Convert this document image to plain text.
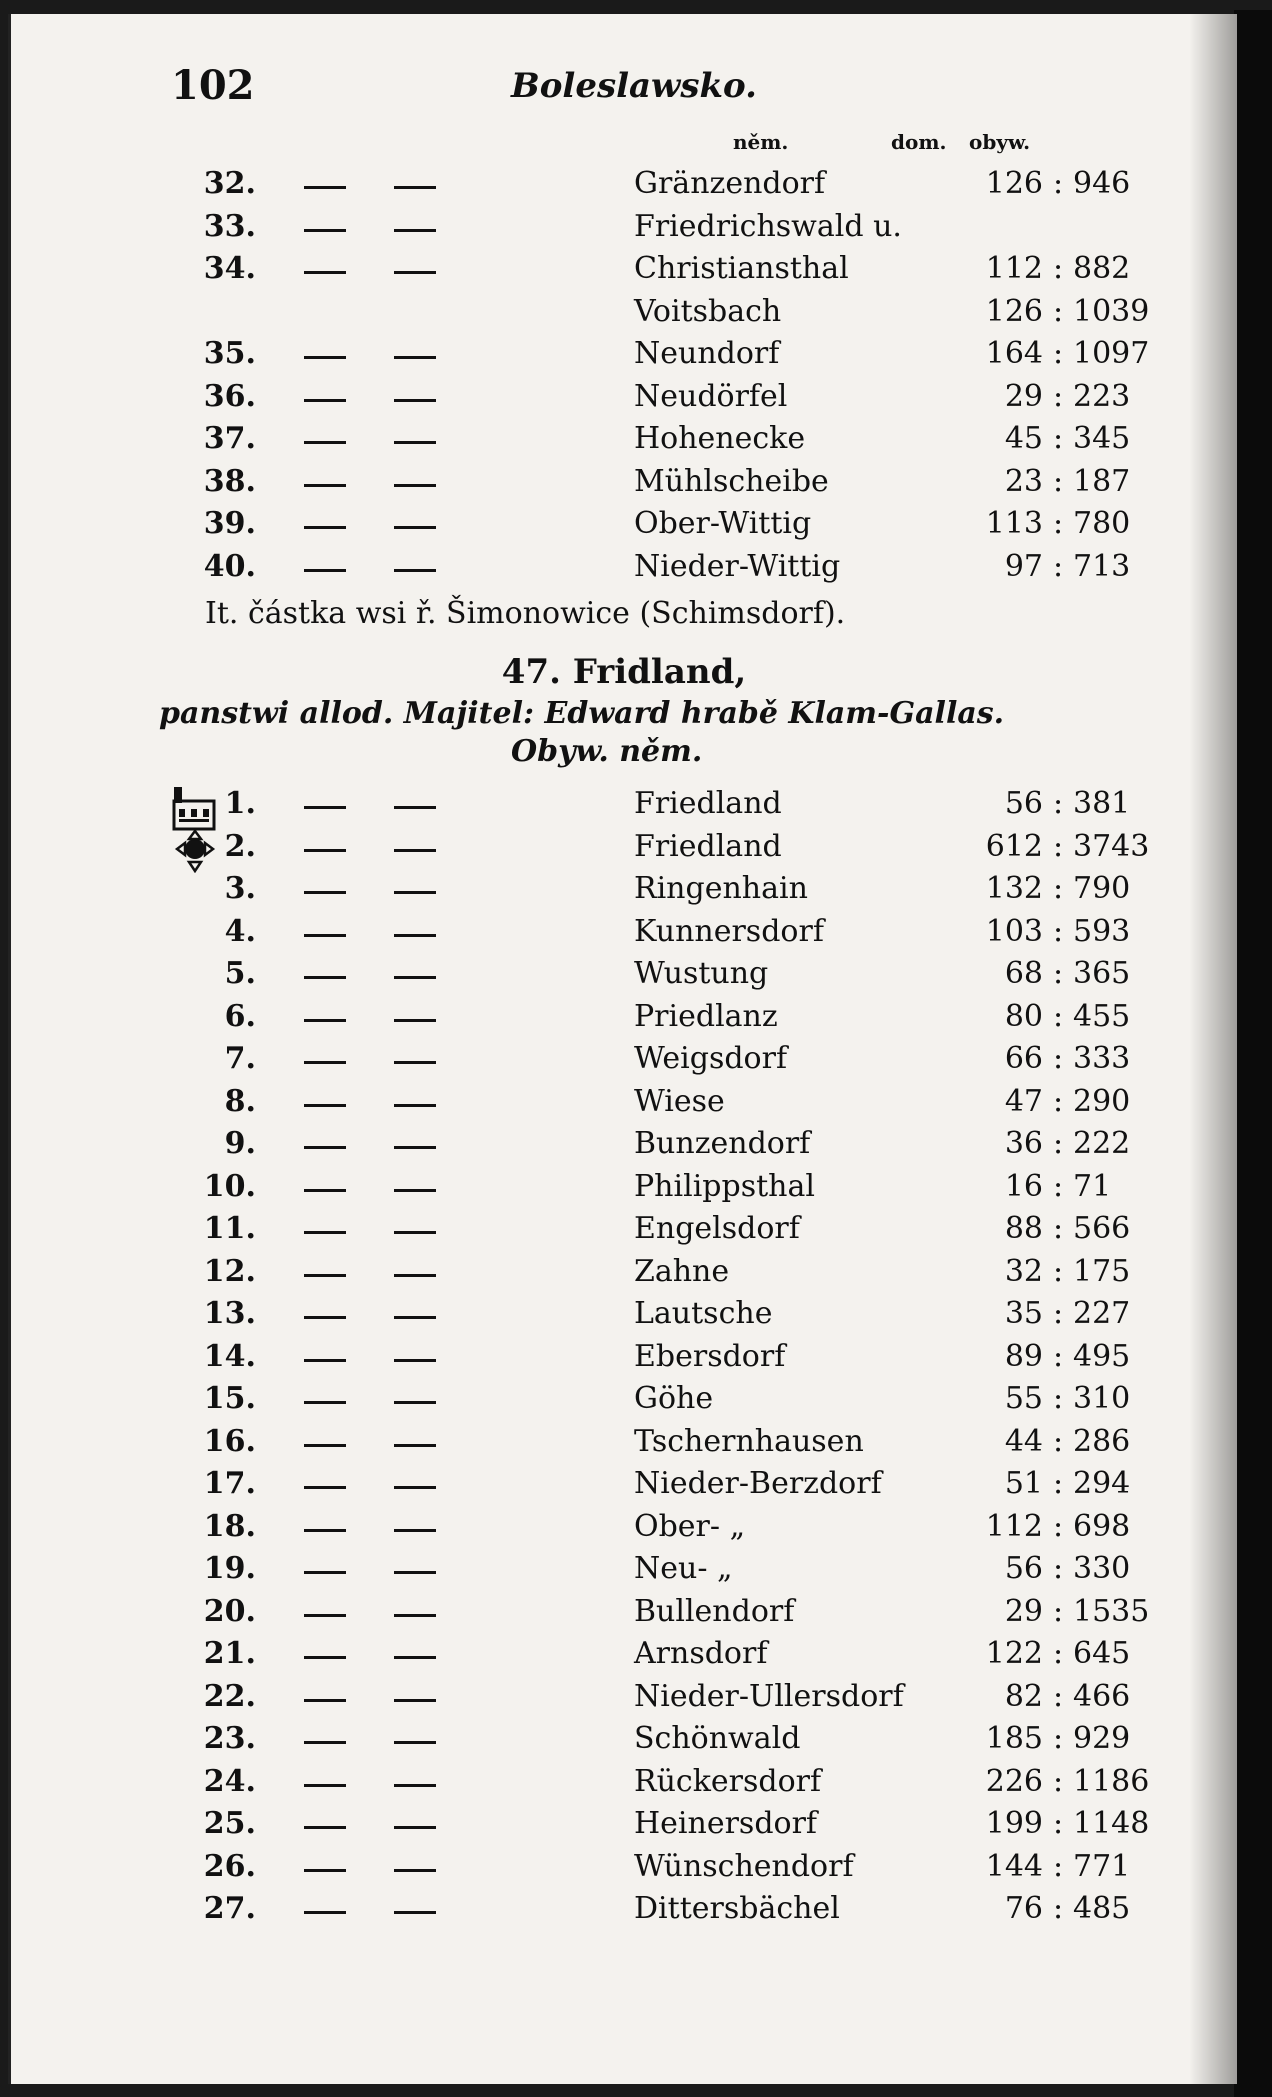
102	Boleslawsko.
něm.	dom. obyw.
32.	Gränzendorf	126 : 946
33.	Friedrichswald u.
34.	Christiansthal	112 : 882
Voitsbach	126 : 1039
35.	Neundorf	164 : 1097
36.	Neudörfel	29 : 223
37.	Hohenecke	45 : 345
38.	Mühlscheibe	23 : 187
39.	Ober-Wittig	113 : 780
40.	Nieder-Wittig	97 : 713

It. částka wsi ř. Šimonowice (Schimsdorf).

47. Fridland,
panstwi allod. Majitel: Edward hrabě Klam-Gallas.
Obyw. něm.
1.	Friedland	56 : 381
2.	Friedland	612 : 3743
3.	Ringenhain	132 : 790
4.	Kunnersdorf	103 : 593
5.	Wustung	68 : 365
6.	Priedlanz	80 : 455
7.	Weigsdorf	66 : 333
8.	Wiese	47 : 290
9.	Bunzendorf	36 : 222
10.	Philippsthal	16 : 71
11.	Engelsdorf	88 : 566
12.	Zahne	32 : 175
13.	Lautsche	35 : 227
14.	Ebersdorf	89 : 495
15.	Göhe	55 : 310
16.	Tschernhausen	44 : 286
17.	Nieder-Berzdorf	51 : 294
18.	Ober- „	112 : 698
19.	Neu- „	56 : 330
20.	Bullendorf	29 : 1535
21.	Arnsdorf	122 : 645
22.	Nieder-Ullersdorf	82 : 466
23.	Schönwald	185 : 929
24.	Rückersdorf	226 : 1186
25.	Heinersdorf	199 : 1148
26.	Wünschendorf	144 : 771
27.	Dittersbächel	76 : 485
